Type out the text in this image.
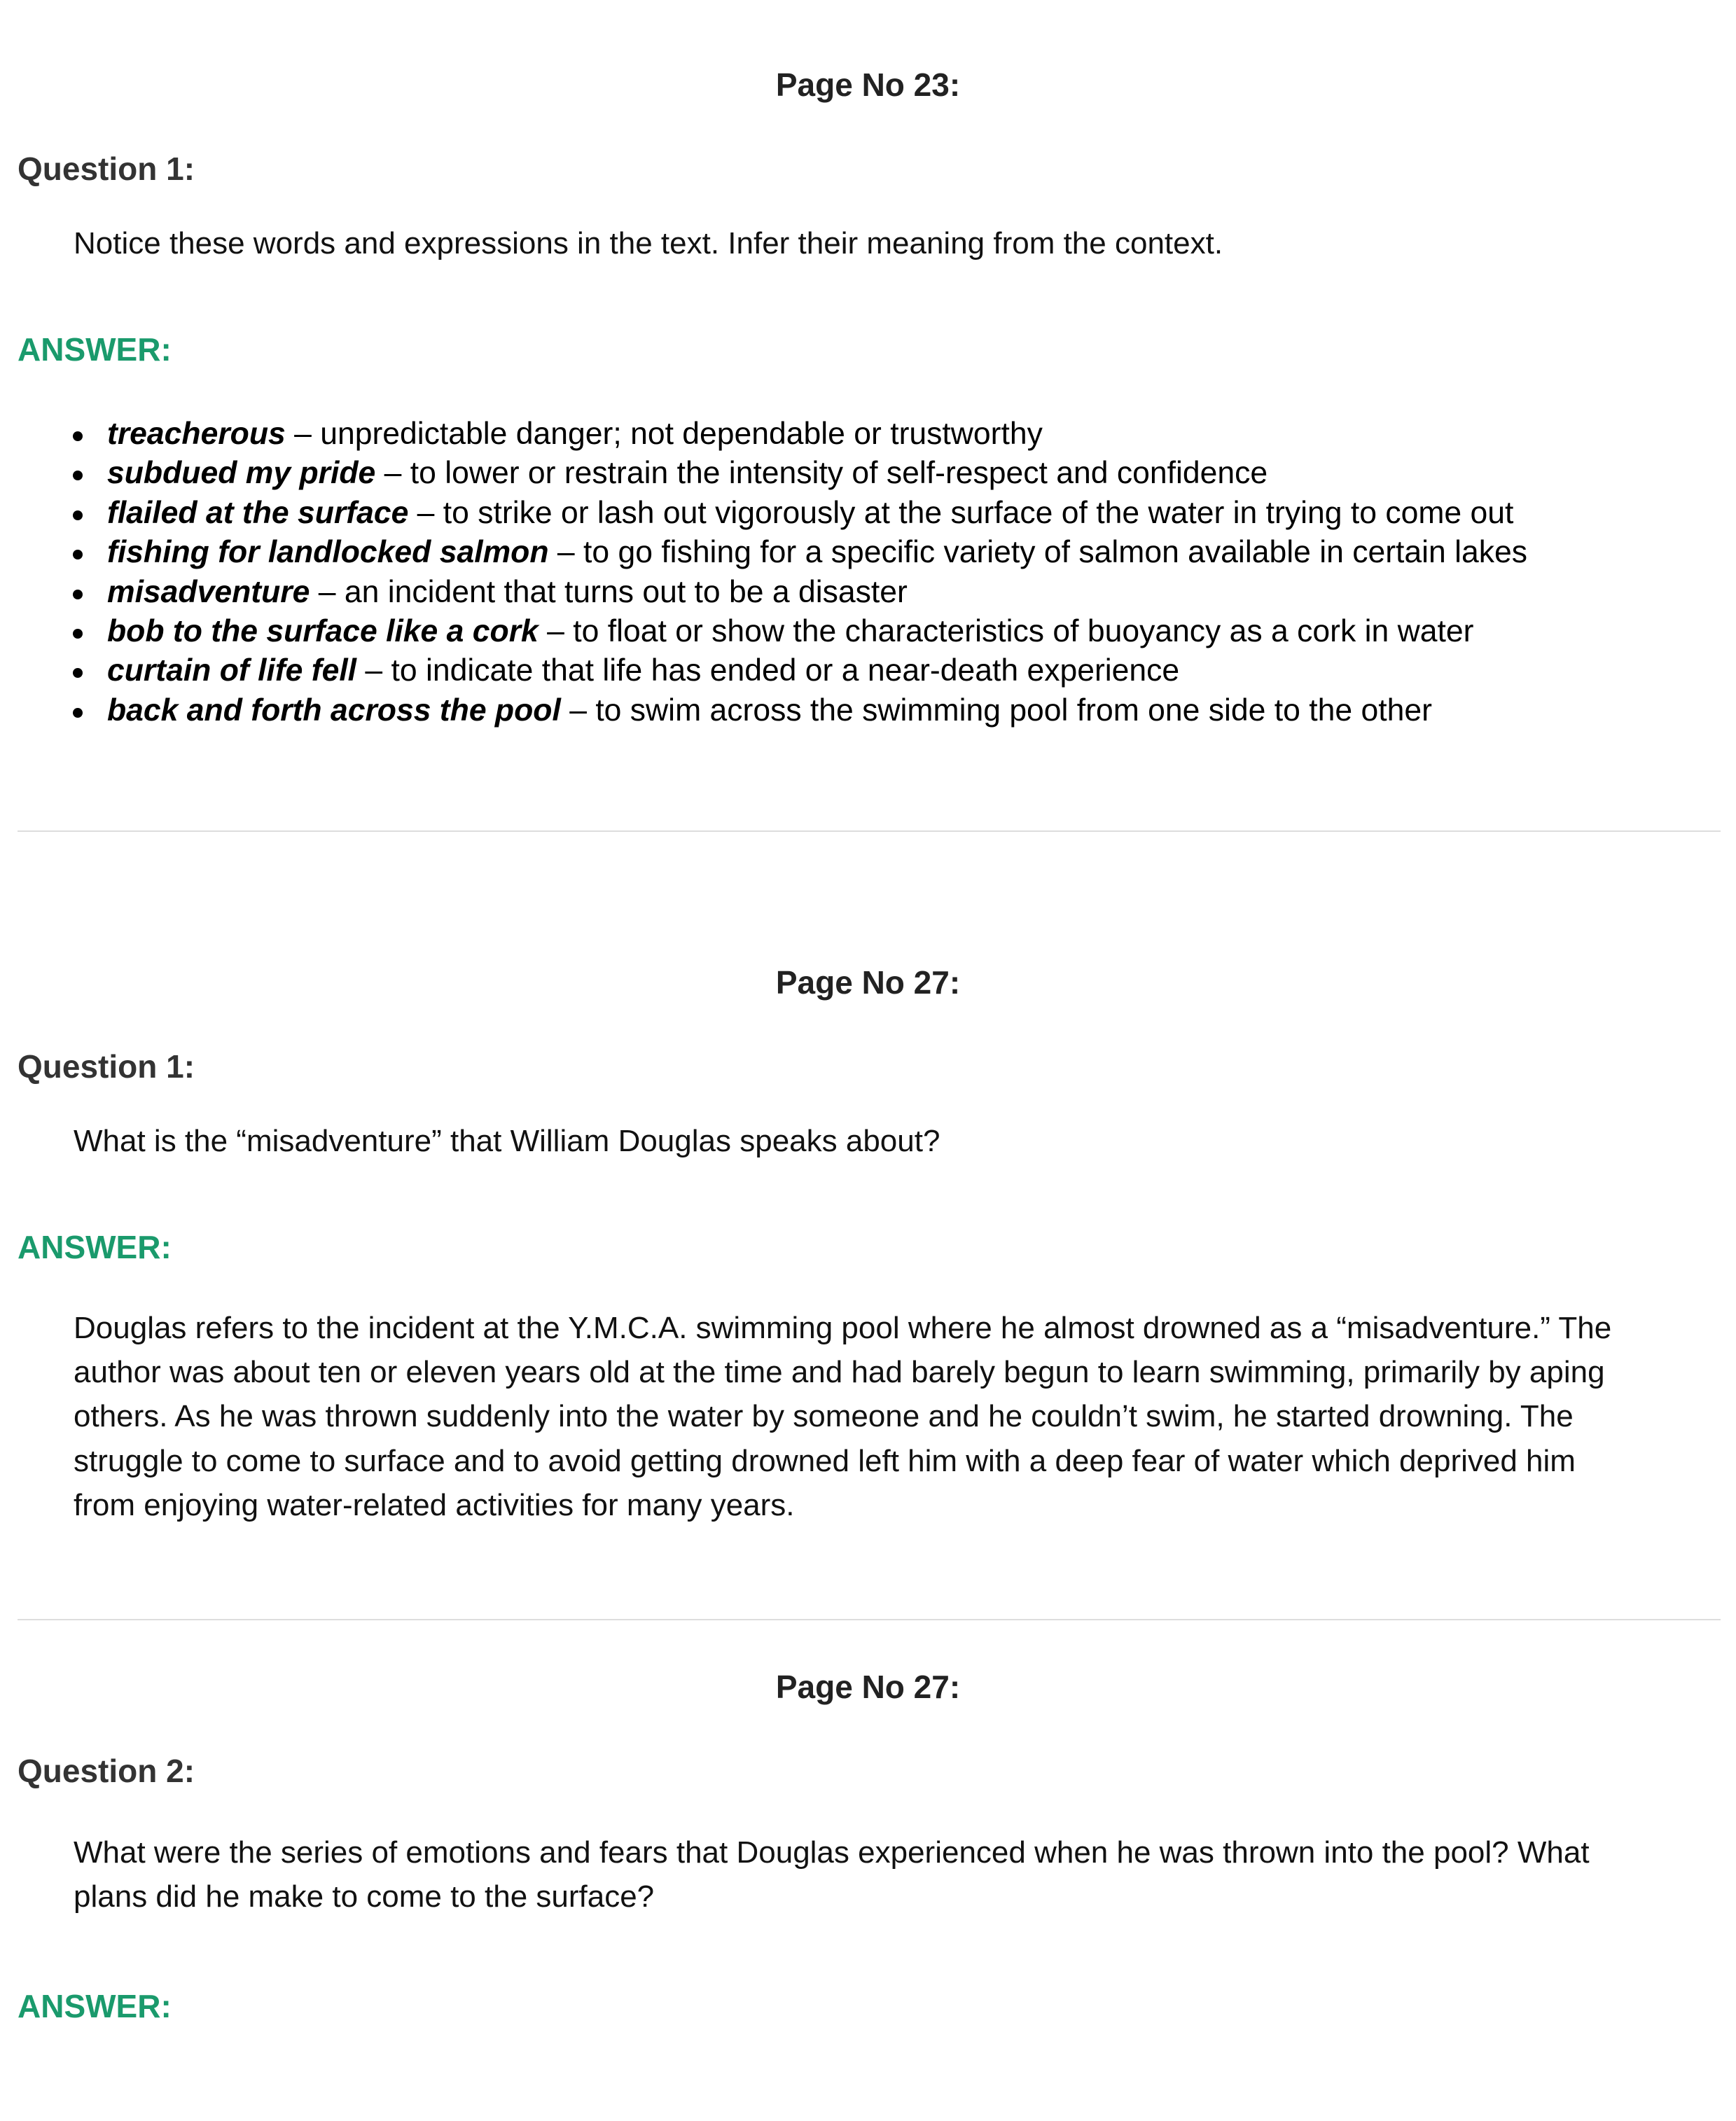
Page No 23:
Question 1:

Notice these words and expressions in the text. Infer their meaning from the context.

ANSWER:
treacherous – unpredictable danger; not dependable or trustworthy
subdued my pride – to lower or restrain the intensity of self-respect and confidence
flailed at the surface – to strike or lash out vigorously at the surface of the water in trying to come out
fishing for landlocked salmon – to go fishing for a specific variety of salmon available in certain lakes
misadventure – an incident that turns out to be a disaster
bob to the surface like a cork – to float or show the characteristics of buoyancy as a cork in water
curtain of life fell – to indicate that life has ended or a near-death experience
back and forth across the pool – to swim across the swimming pool from one side to the other
Page No 27:
Question 1:

What is the “misadventure” that William Douglas speaks about?

ANSWER:
Douglas refers to the incident at the Y.M.C.A. swimming pool where he almost drowned as a “misadventure.” The
author was about ten or eleven years old at the time and had barely begun to learn swimming, primarily by aping
others. As he was thrown suddenly into the water by someone and he couldn’t swim, he started drowning. The
struggle to come to surface and to avoid getting drowned left him with a deep fear of water which deprived him
from enjoying water-related activities for many years.
Page No 27:
Question 2:

What were the series of emotions and fears that Douglas experienced when he was thrown into the pool? What
plans did he make to come to the surface?

ANSWER:
